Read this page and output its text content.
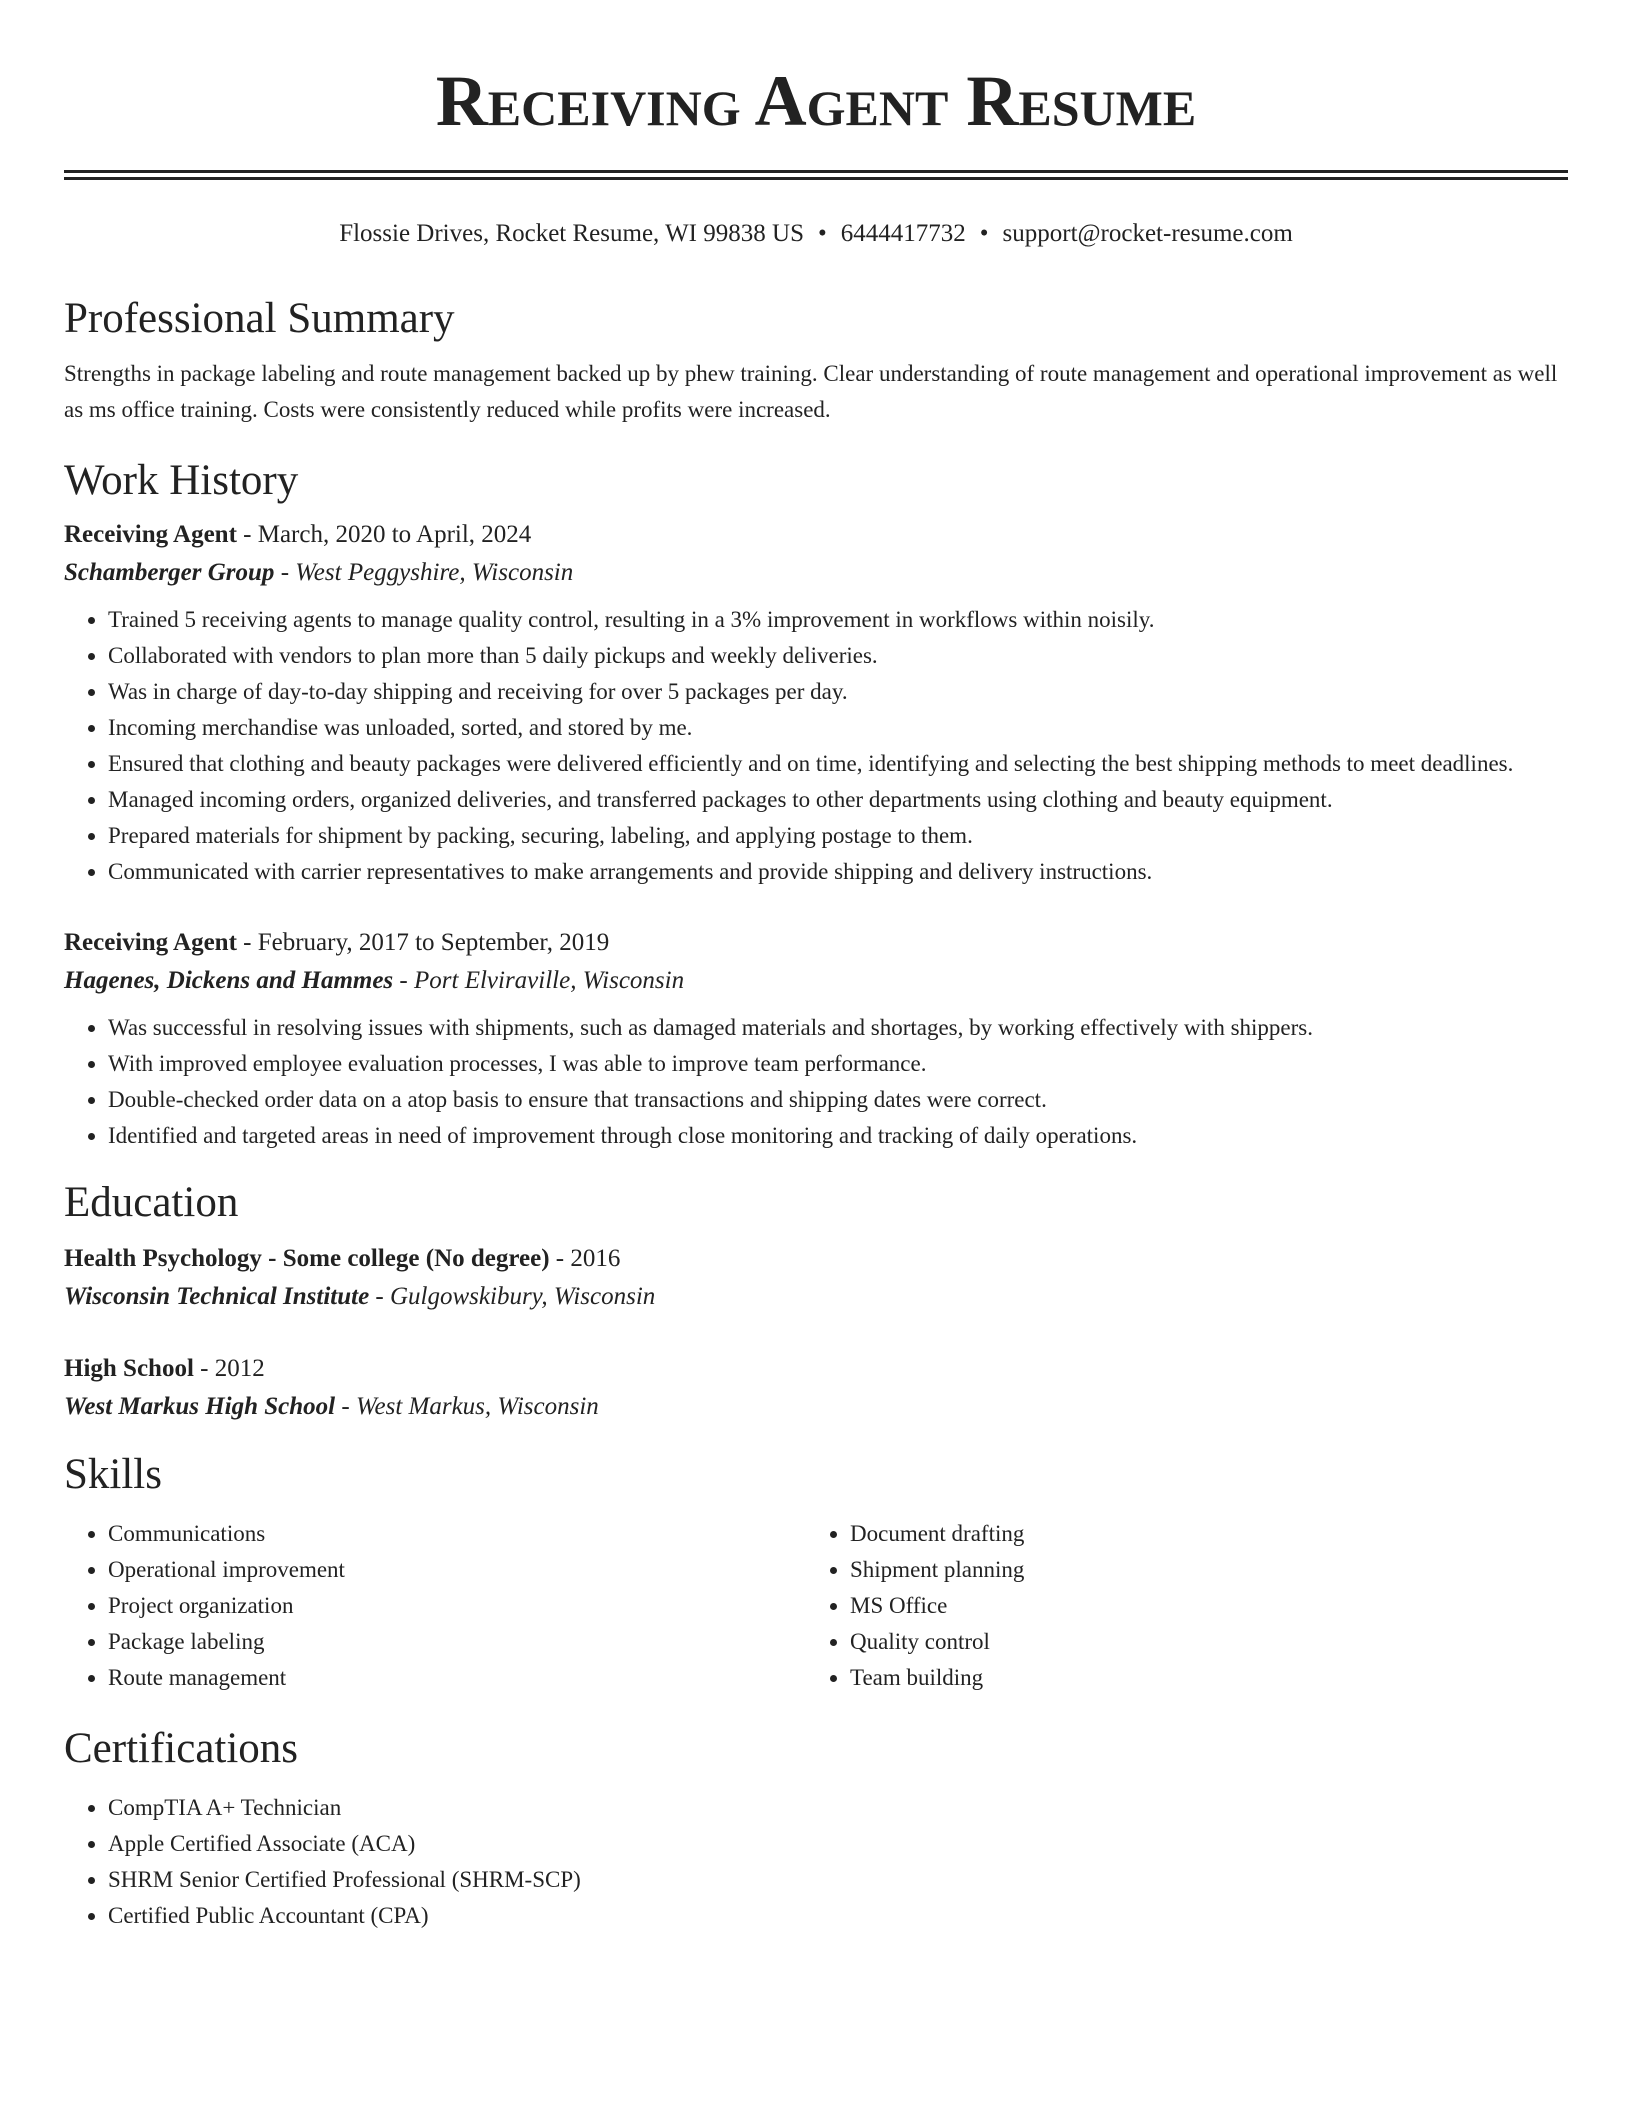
Receiving Agent Resume
Flossie Drives, Rocket Resume, WI 99838 US • 6444417732 • support@rocket-resume.com
Professional Summary
Strengths in package labeling and route management backed up by phew training. Clear understanding of route management and operational improvement as well as ms office training. Costs were consistently reduced while profits were increased.
Work History
Receiving Agent - March, 2020 to April, 2024
Schamberger Group - West Peggyshire, Wisconsin
• Trained 5 receiving agents to manage quality control, resulting in a 3% improvement in workflows within noisily.
• Collaborated with vendors to plan more than 5 daily pickups and weekly deliveries.
• Was in charge of day-to-day shipping and receiving for over 5 packages per day.
• Incoming merchandise was unloaded, sorted, and stored by me.
• Ensured that clothing and beauty packages were delivered efficiently and on time, identifying and selecting the best shipping methods to meet deadlines.
• Managed incoming orders, organized deliveries, and transferred packages to other departments using clothing and beauty equipment.
• Prepared materials for shipment by packing, securing, labeling, and applying postage to them.
• Communicated with carrier representatives to make arrangements and provide shipping and delivery instructions.
Receiving Agent - February, 2017 to September, 2019
Hagenes, Dickens and Hammes - Port Elviraville, Wisconsin
• Was successful in resolving issues with shipments, such as damaged materials and shortages, by working effectively with shippers.
• With improved employee evaluation processes, I was able to improve team performance.
• Double-checked order data on a atop basis to ensure that transactions and shipping dates were correct.
• Identified and targeted areas in need of improvement through close monitoring and tracking of daily operations.
Education
Health Psychology - Some college (No degree) - 2016
Wisconsin Technical Institute - Gulgowskibury, Wisconsin
High School - 2012
West Markus High School - West Markus, Wisconsin
Skills
• Communications
• Operational improvement
• Project organization
• Package labeling
• Route management
• Document drafting
• Shipment planning
• MS Office
• Quality control
• Team building
Certifications
• CompTIA A+ Technician
• Apple Certified Associate (ACA)
• SHRM Senior Certified Professional (SHRM-SCP)
• Certified Public Accountant (CPA)
